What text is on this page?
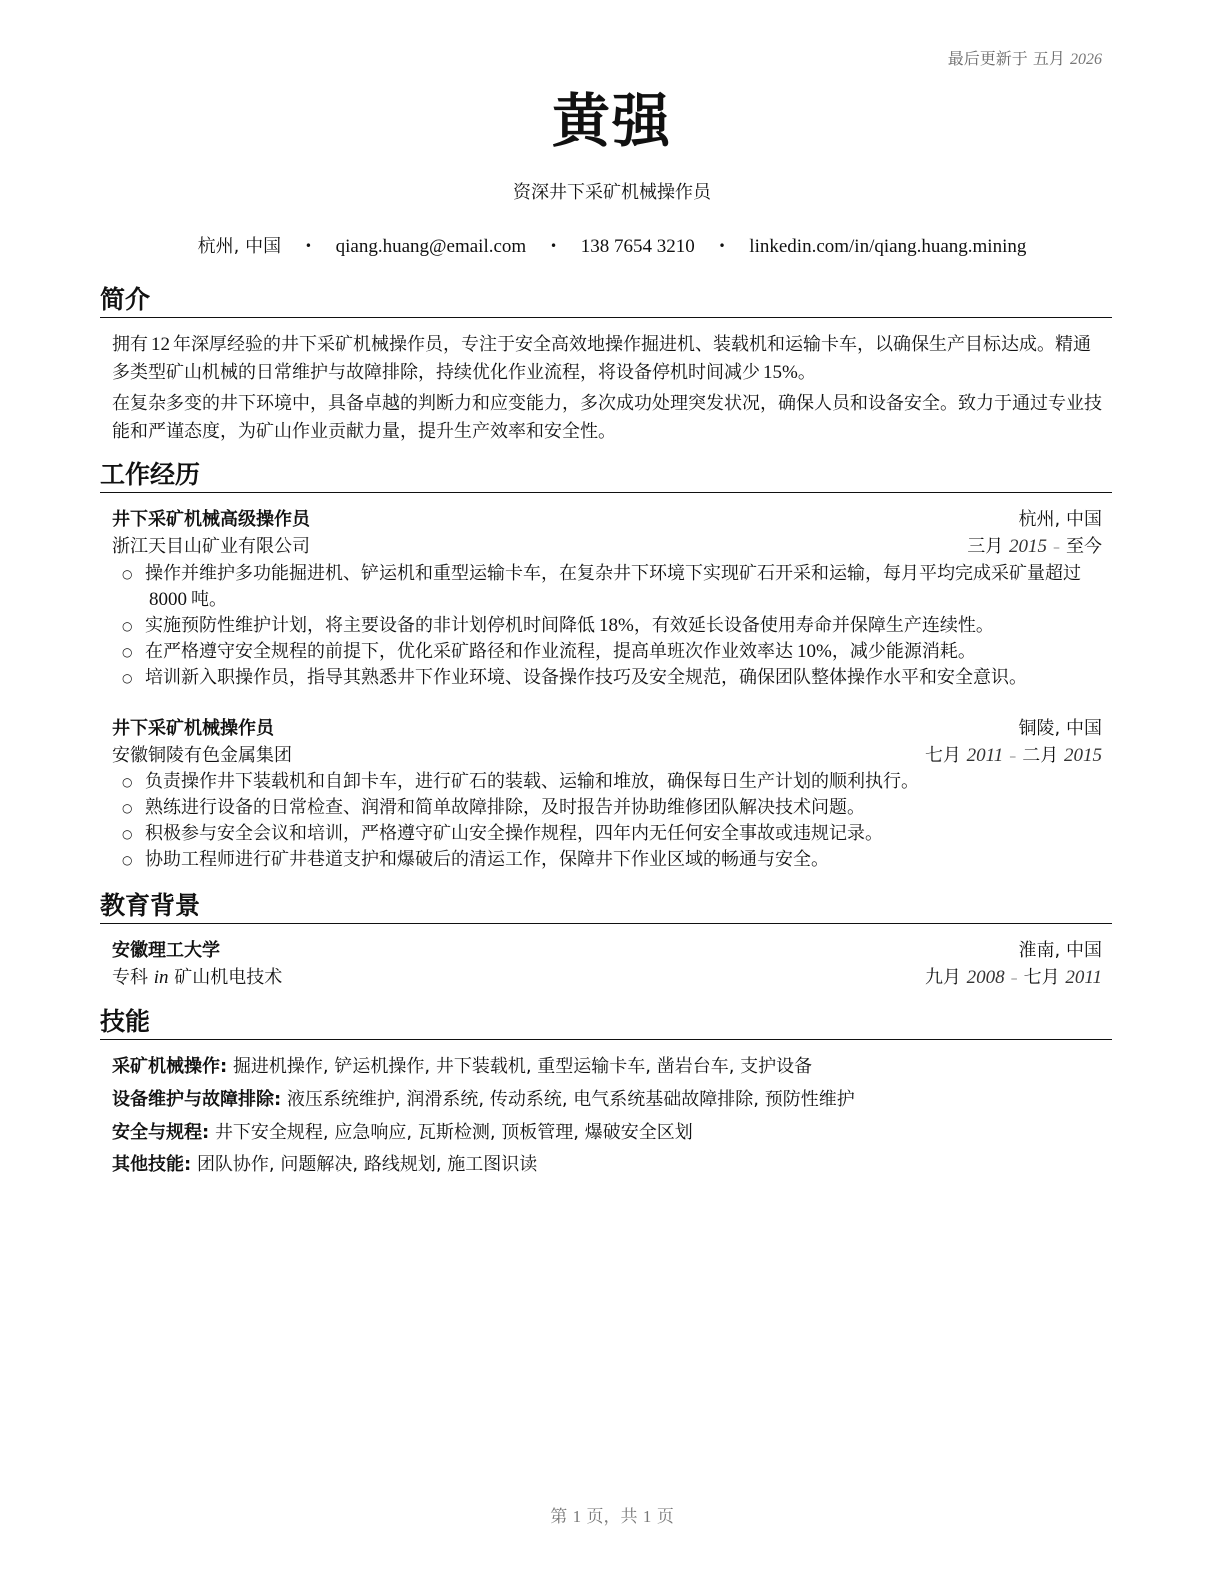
最后更新于 五月 2026
黄强
资深井下采矿机械操作员
杭州, 中国 • qiang.huang@email.com • 138 7654 3210 • linkedin.com/in/qiang.huang.mining
简介
拥有 12 年深厚经验的井下采矿机械操作员，专注于安全高效地操作掘进机、装载机和运输卡车，以确保生产目标达成。精通多类型矿山机械的日常维护与故障排除，持续优化作业流程，将设备停机时间减少 15%。
在复杂多变的井下环境中，具备卓越的判断力和应变能力，多次成功处理突发状况，确保人员和设备安全。致力于通过专业技能和严谨态度，为矿山作业贡献力量，提升生产效率和安全性。
工作经历
井下采矿机械高级操作员	杭州, 中国
浙江天目山矿业有限公司	三月 2015 – 至今
○ 操作并维护多功能掘进机、铲运机和重型运输卡车，在复杂井下环境下实现矿石开采和运输，每月平均完成采矿量超过8000 吨。
○ 实施预防性维护计划，将主要设备的非计划停机时间降低 18%，有效延长设备使用寿命并保障生产连续性。
○ 在严格遵守安全规程的前提下，优化采矿路径和作业流程，提高单班次作业效率达 10%，减少能源消耗。
○ 培训新入职操作员，指导其熟悉井下作业环境、设备操作技巧及安全规范，确保团队整体操作水平和安全意识。
井下采矿机械操作员	铜陵, 中国
安徽铜陵有色金属集团	七月 2011 – 二月 2015
○ 负责操作井下装载机和自卸卡车，进行矿石的装载、运输和堆放，确保每日生产计划的顺利执行。
○ 熟练进行设备的日常检查、润滑和简单故障排除，及时报告并协助维修团队解决技术问题。
○ 积极参与安全会议和培训，严格遵守矿山安全操作规程，四年内无任何安全事故或违规记录。
○ 协助工程师进行矿井巷道支护和爆破后的清运工作，保障井下作业区域的畅通与安全。
教育背景
安徽理工大学	淮南, 中国
专科 in 矿山机电技术	九月 2008 – 七月 2011
技能
采矿机械操作: 掘进机操作, 铲运机操作, 井下装载机, 重型运输卡车, 凿岩台车, 支护设备
设备维护与故障排除: 液压系统维护, 润滑系统, 传动系统, 电气系统基础故障排除, 预防性维护
安全与规程: 井下安全规程, 应急响应, 瓦斯检测, 顶板管理, 爆破安全区划
其他技能: 团队协作, 问题解决, 路线规划, 施工图识读
第 1 页，共 1 页
